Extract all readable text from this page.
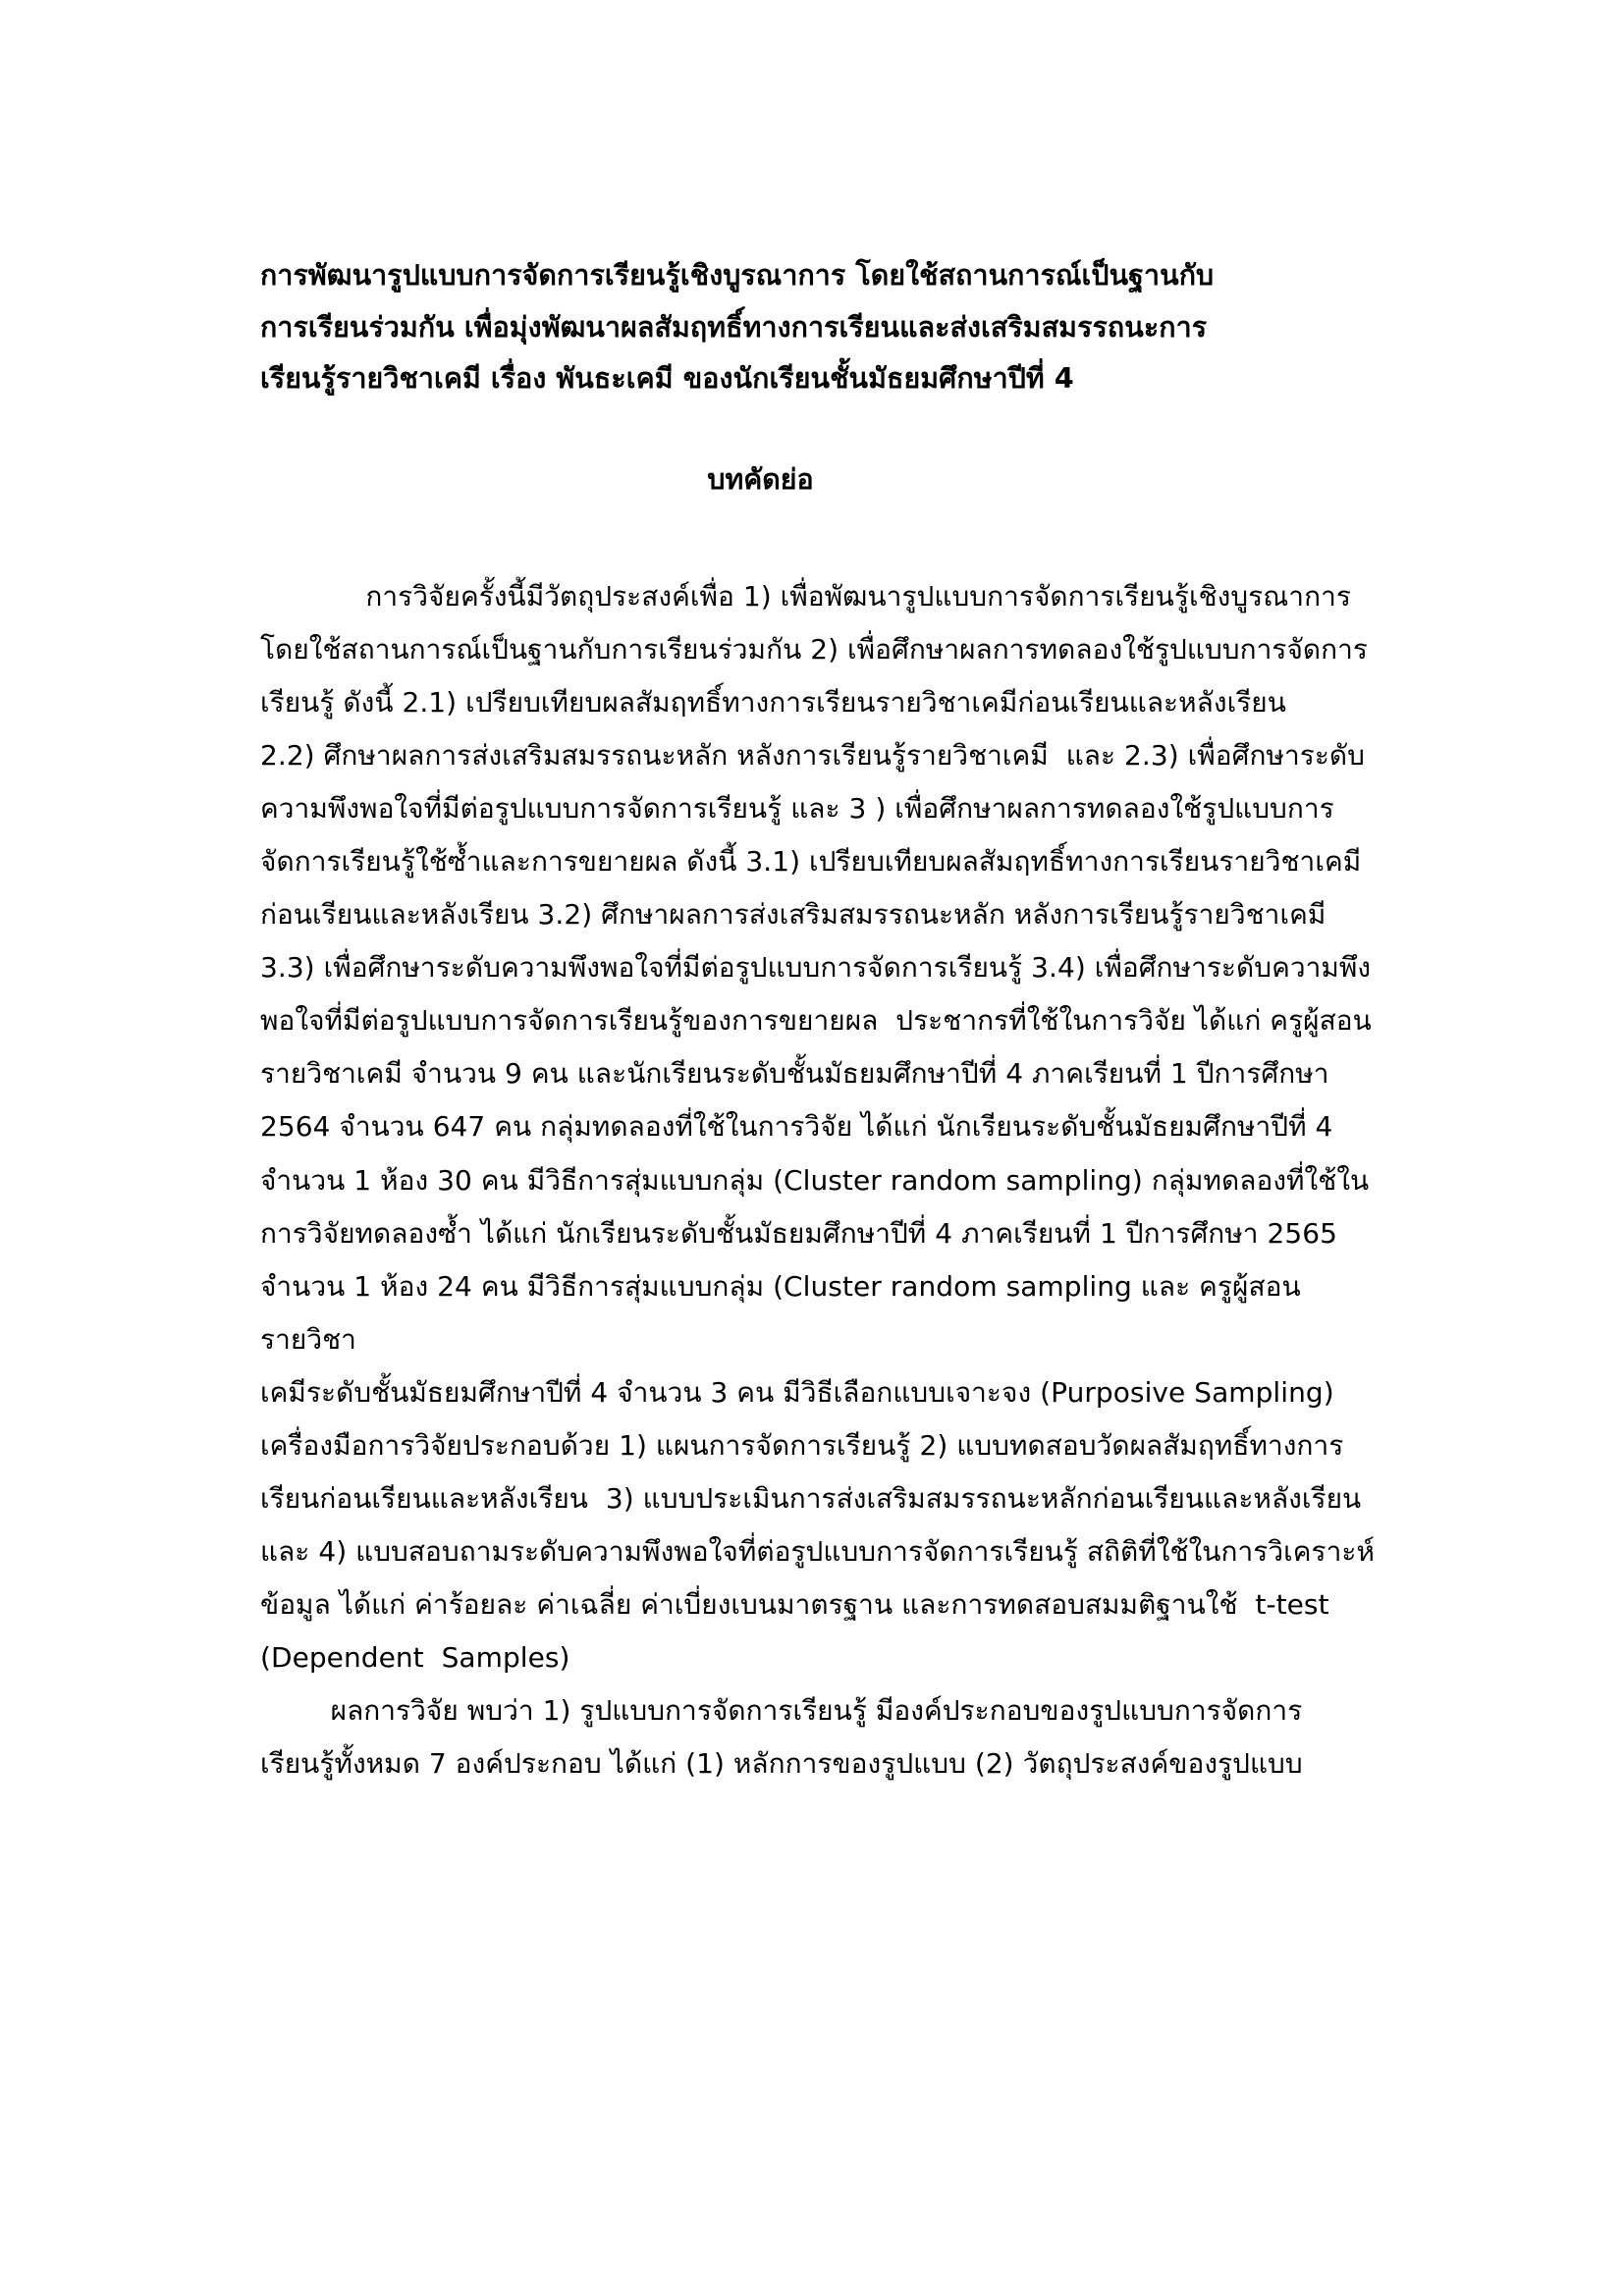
การพัฒนารูปแบบการจัดการเรียนรู้เชิงบูรณาการ โดยใช้สถานการณ์เป็นฐานกับ
การเรียนร่วมกัน เพื่อมุ่งพัฒนาผลสัมฤทธิ์ทางการเรียนและส่งเสริมสมรรถนะการ
เรียนรู้รายวิชาเคมี เรื่อง พันธะเคมี ของนักเรียนชั้นมัธยมศึกษาปีที่ 4
บทคัดย่อ

การวิจัยครั้งนี้มีวัตถุประสงค์เพื่อ 1) เพื่อพัฒนารูปแบบการจัดการเรียนรู้เชิงบูรณาการ
โดยใช้สถานการณ์เป็นฐานกับการเรียนร่วมกัน 2) เพื่อศึกษาผลการทดลองใช้รูปแบบการจัดการ
เรียนรู้ ดังนี้ 2.1) เปรียบเทียบผลสัมฤทธิ์ทางการเรียนรายวิชาเคมีก่อนเรียนและหลังเรียน
2.2) ศึกษาผลการส่งเสริมสมรรถนะหลัก หลังการเรียนรู้รายวิชาเคมี  และ 2.3) เพื่อศึกษาระดับ
ความพึงพอใจที่มีต่อรูปแบบการจัดการเรียนรู้ และ 3 ) เพื่อศึกษาผลการทดลองใช้รูปแบบการ
จัดการเรียนรู้ใช้ซ้ำและการขยายผล ดังนี้ 3.1) เปรียบเทียบผลสัมฤทธิ์ทางการเรียนรายวิชาเคมี
ก่อนเรียนและหลังเรียน 3.2) ศึกษาผลการส่งเสริมสมรรถนะหลัก หลังการเรียนรู้รายวิชาเคมี
3.3) เพื่อศึกษาระดับความพึงพอใจที่มีต่อรูปแบบการจัดการเรียนรู้ 3.4) เพื่อศึกษาระดับความพึง
พอใจที่มีต่อรูปแบบการจัดการเรียนรู้ของการขยายผล  ประชากรที่ใช้ในการวิจัย ได้แก่ ครูผู้สอน
รายวิชาเคมี จำนวน 9 คน และนักเรียนระดับชั้นมัธยมศึกษาปีที่ 4 ภาคเรียนที่ 1 ปีการศึกษา
2564 จำนวน 647 คน กลุ่มทดลองที่ใช้ในการวิจัย ได้แก่ นักเรียนระดับชั้นมัธยมศึกษาปีที่ 4
จำนวน 1 ห้อง 30 คน มีวิธีการสุ่มแบบกลุ่ม (Cluster random sampling) กลุ่มทดลองที่ใช้ใน
การวิจัยทดลองซ้ำ ได้แก่ นักเรียนระดับชั้นมัธยมศึกษาปีที่ 4 ภาคเรียนที่ 1 ปีการศึกษา 2565
จำนวน 1 ห้อง 24 คน มีวิธีการสุ่มแบบกลุ่ม (Cluster random sampling และ ครูผู้สอนรายวิชา
เคมีระดับชั้นมัธยมศึกษาปีที่ 4 จำนวน 3 คน มีวิธีเลือกแบบเจาะจง (Purposive Sampling)
เครื่องมือการวิจัยประกอบด้วย 1) แผนการจัดการเรียนรู้ 2) แบบทดสอบวัดผลสัมฤทธิ์ทางการ
เรียนก่อนเรียนและหลังเรียน  3) แบบประเมินการส่งเสริมสมรรถนะหลักก่อนเรียนและหลังเรียน
และ 4) แบบสอบถามระดับความพึงพอใจที่ต่อรูปแบบการจัดการเรียนรู้ สถิติที่ใช้ในการวิเคราะห์
ข้อมูล ได้แก่ ค่าร้อยละ ค่าเฉลี่ย ค่าเบี่ยงเบนมาตรฐาน และการทดสอบสมมติฐานใช้  t-test
(Dependent  Samples)

ผลการวิจัย พบว่า 1) รูปแบบการจัดการเรียนรู้ มีองค์ประกอบของรูปแบบการจัดการ
เรียนรู้ทั้งหมด 7 องค์ประกอบ ได้แก่ (1) หลักการของรูปแบบ (2) วัตถุประสงค์ของรูปแบบ
